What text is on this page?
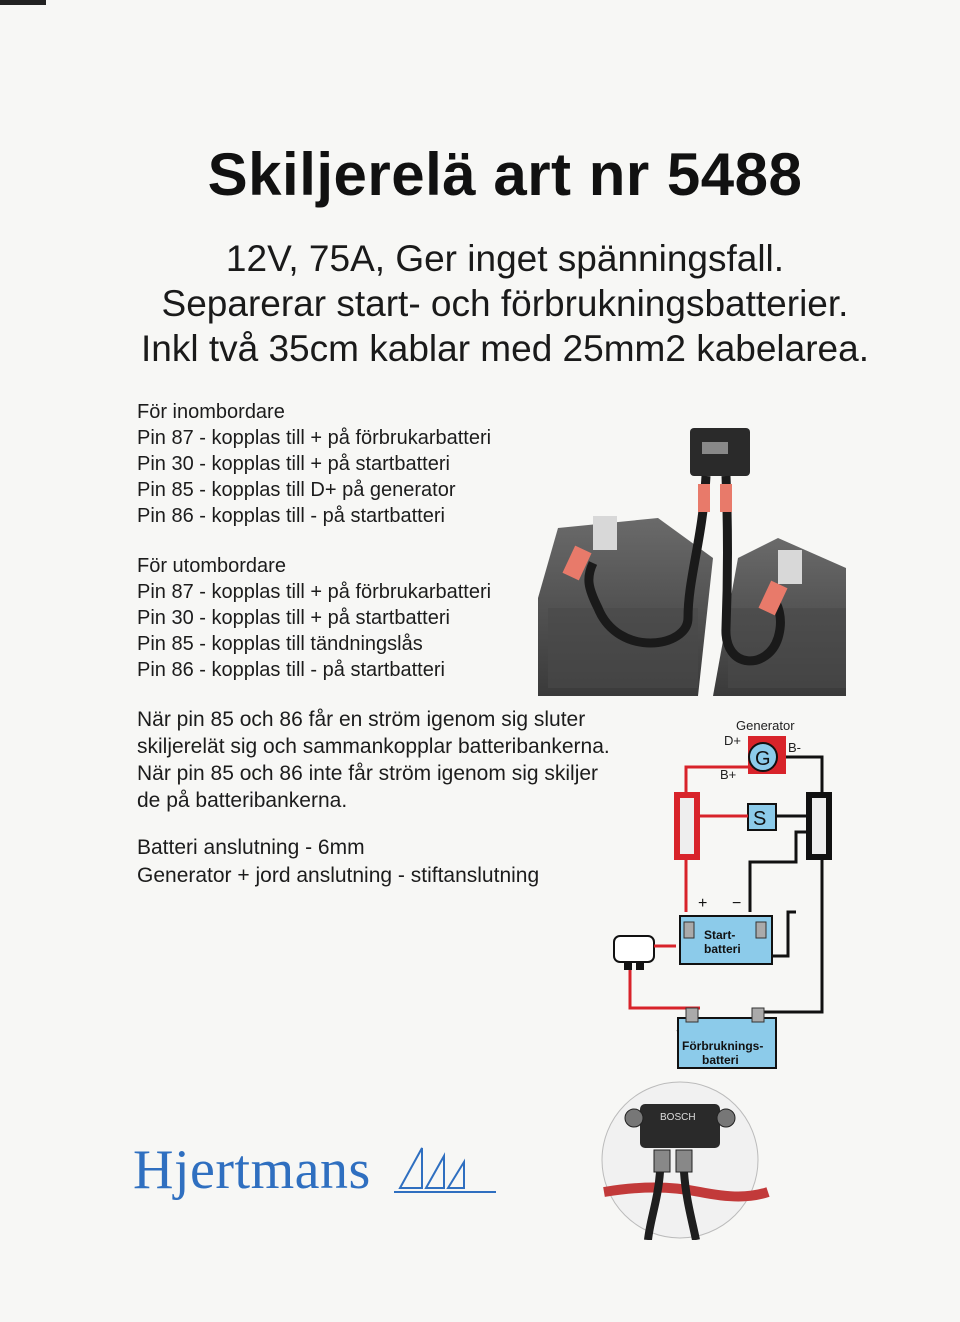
Skiljerelä art nr 5488
12V, 75A, Ger inget spänningsfall.
Separerar start- och förbrukningsbatterier.
Inkl två 35cm kablar med 25mm2 kabelarea.
För inombordare
Pin 87 - kopplas till + på förbrukarbatteri
Pin 30 - kopplas till + på startbatteri
Pin 85 - kopplas till D+ på generator
Pin 86 - kopplas till - på startbatteri
För utombordare
Pin 87 - kopplas till + på förbrukarbatteri
Pin 30 - kopplas till + på startbatteri
Pin 85 - kopplas till tändningslås
Pin 86 - kopplas till - på startbatteri
När pin 85 och 86 får en ström igenom sig sluter
skiljerelät sig och sammankopplar batteribankerna.
När pin 85 och 86 inte får ström igenom sig skiljer
de på batteribankerna.
Batteri anslutning - 6mm
Generator + jord anslutning - stiftanslutning
Generator
D+	B-
B+
G
S
+ −
Start-
batteri
Förbruknings-
batteri
BOSCH
Hjertmans
